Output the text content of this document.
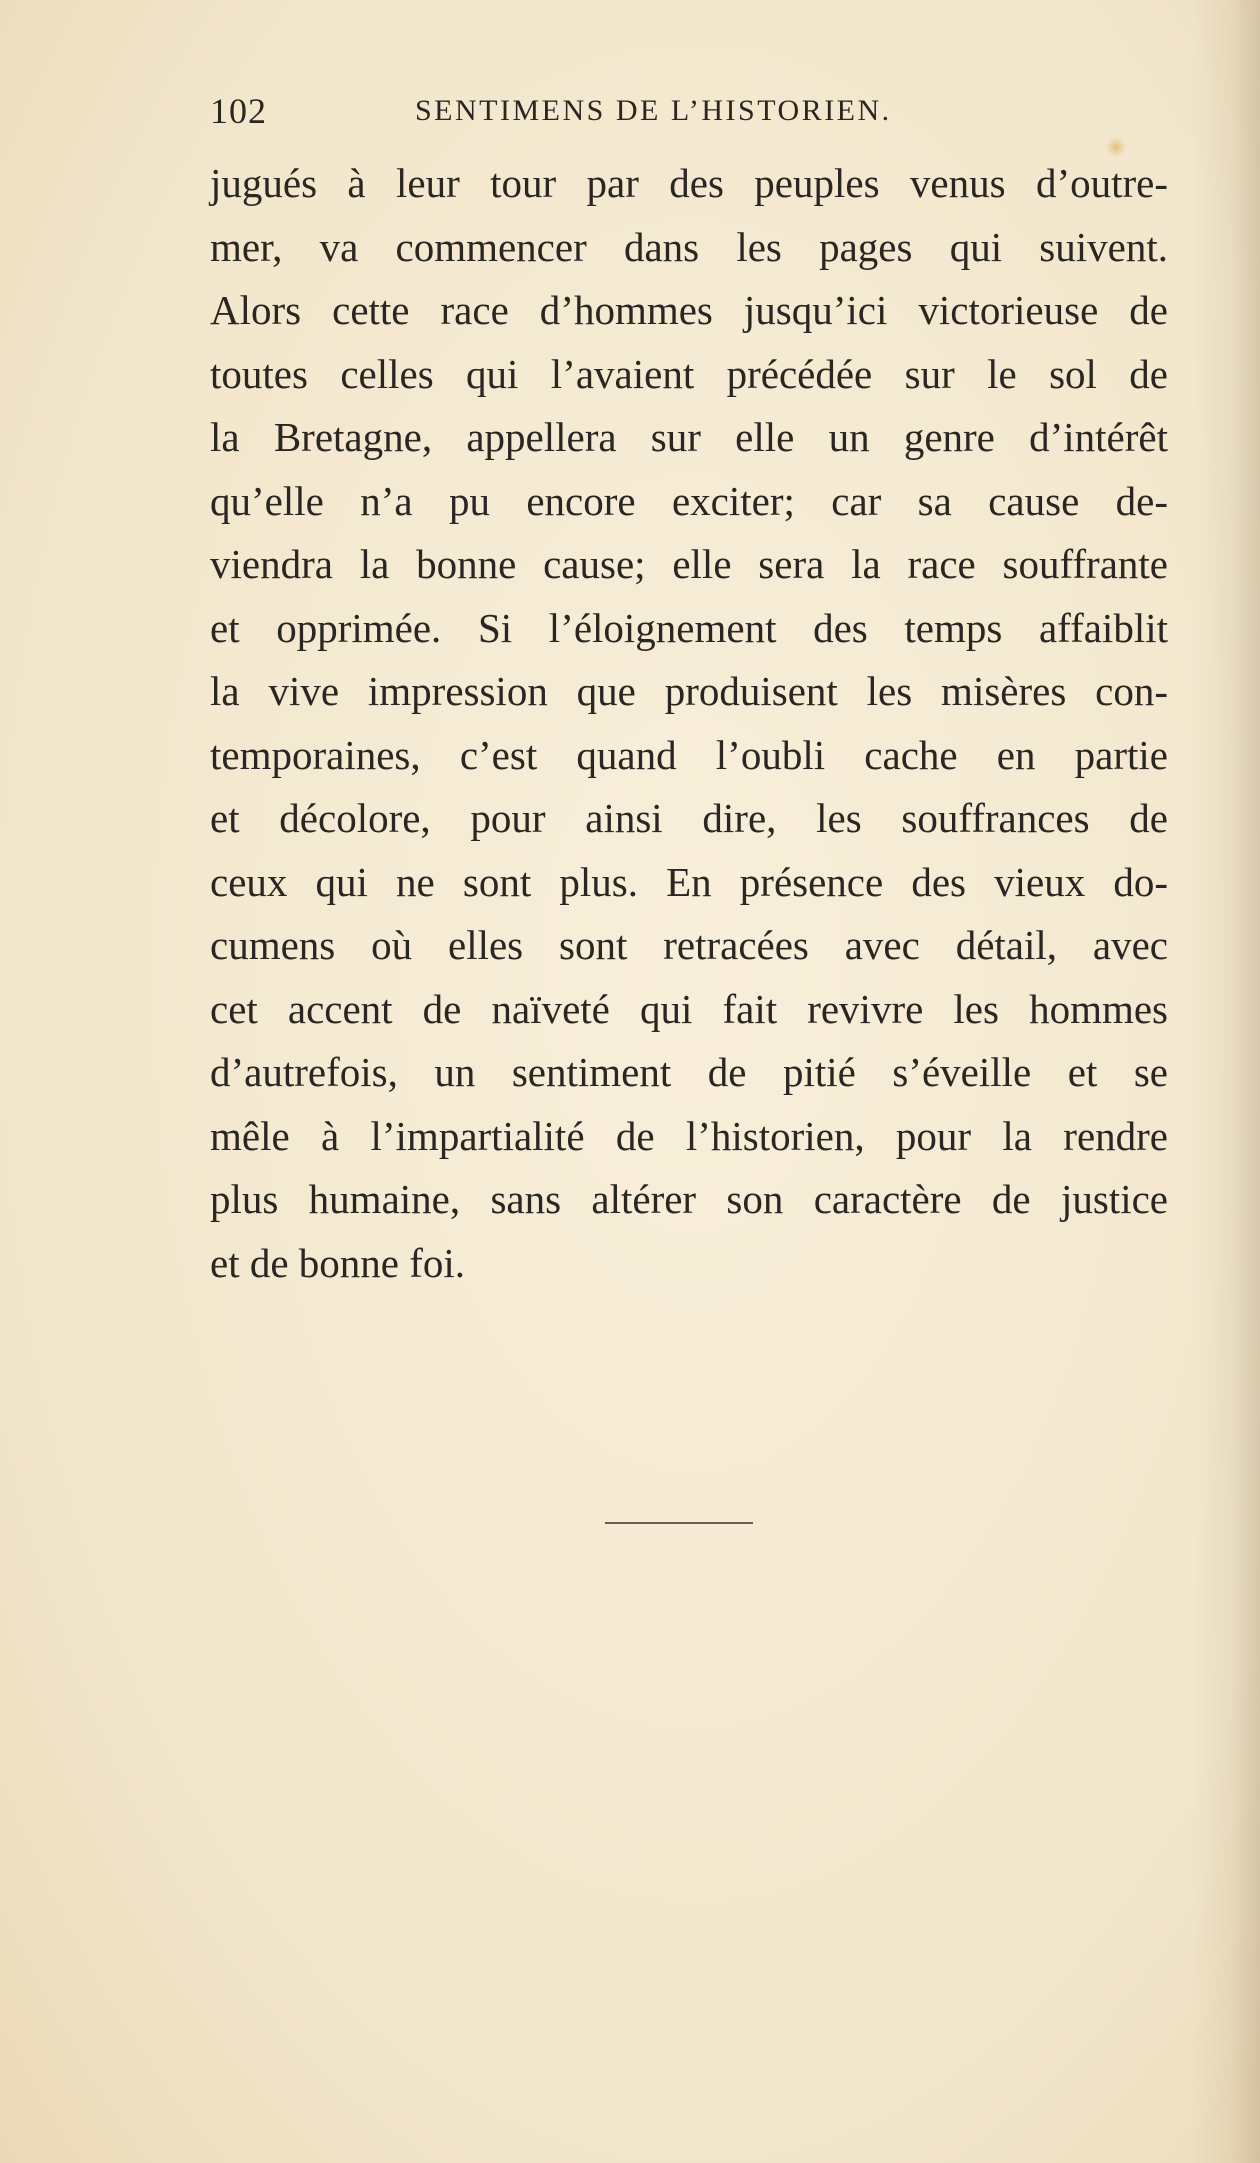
102	SENTIMENS DE L’HISTORIEN.
jugués à leur tour par des peuples venus d’outre-
mer, va commencer dans les pages qui suivent.
Alors cette race d’hommes jusqu’ici victorieuse de
toutes celles qui l’avaient précédée sur le sol de
la Bretagne, appellera sur elle un genre d’intérêt
qu’elle n’a pu encore exciter; car sa cause de-
viendra la bonne cause; elle sera la race souffrante
et opprimée. Si l’éloignement des temps affaiblit
la vive impression que produisent les misères con-
temporaines, c’est quand l’oubli cache en partie
et décolore, pour ainsi dire, les souffrances de
ceux qui ne sont plus. En présence des vieux do-
cumens où elles sont retracées avec détail, avec
cet accent de naïveté qui fait revivre les hommes
d’autrefois, un sentiment de pitié s’éveille et se
mêle à l’impartialité de l’historien, pour la rendre
plus humaine, sans altérer son caractère de justice
et de bonne foi.
